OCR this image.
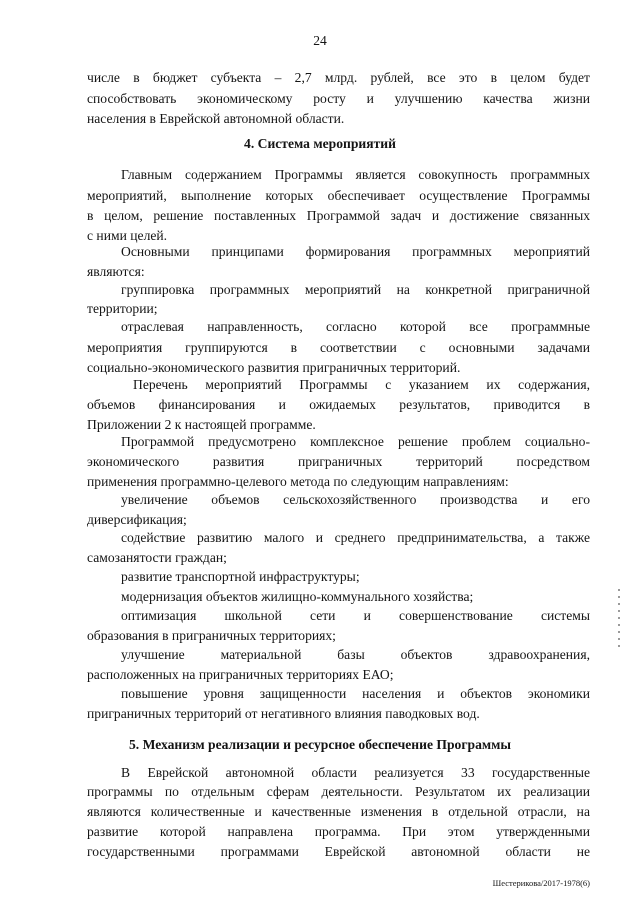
24
числе в бюджет субъекта – 2,7 млрд. рублей, все это в целом будет
способствовать экономическому росту и улучшению качества жизни
населения в Еврейской автономной области.
4. Система мероприятий
Главным содержанием Программы является совокупность программных
мероприятий, выполнение которых обеспечивает осуществление Программы
в целом, решение поставленных Программой задач и достижение связанных
с ними целей.
Основными принципами формирования программных мероприятий
являются:
группировка программных мероприятий на конкретной приграничной
территории;
отраслевая направленность, согласно которой все программные
мероприятия группируются в соответствии с основными задачами
социально-экономического развития приграничных территорий.
Перечень мероприятий Программы с указанием их содержания,
объемов финансирования и ожидаемых результатов, приводится в
Приложении 2 к настоящей программе.
Программой предусмотрено комплексное решение проблем социально-
экономического развития приграничных территорий посредством
применения программно-целевого метода по следующим направлениям:
увеличение объемов сельскохозяйственного производства и его
диверсификация;
содействие развитию малого и среднего предпринимательства, а также
самозанятости граждан;
развитие транспортной инфраструктуры;
модернизация объектов жилищно-коммунального хозяйства;
оптимизация школьной сети и совершенствование системы
образования в приграничных территориях;
улучшение материальной базы объектов здравоохранения,
расположенных на приграничных территориях ЕАО;
повышение уровня защищенности населения и объектов экономики
приграничных территорий от негативного влияния паводковых вод.
5. Механизм реализации и ресурсное обеспечение Программы
В Еврейской автономной области реализуется 33 государственные
программы по отдельным сферам деятельности. Результатом их реализации
являются количественные и качественные изменения в отдельной отрасли, на
развитие которой направлена программа. При этом утвержденными
государственными программами Еврейской автономной области не
Шестерикова/2017-1978(6)
